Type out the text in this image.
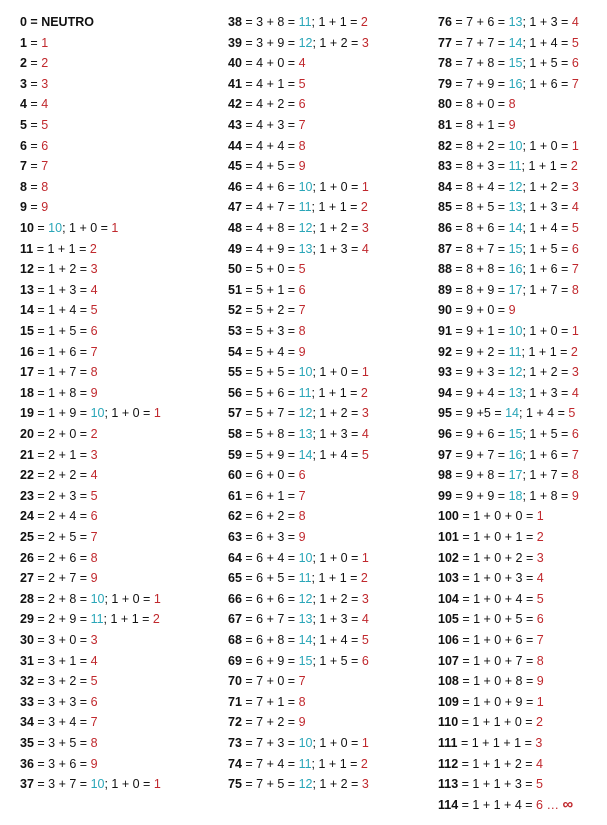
0 = NEUTRO
1 = 1
2 = 2
3 = 3
4 = 4
5 = 5
6 = 6
7 = 7
8 = 8
9 = 9
10 = 10; 1 + 0 = 1
11 = 1 + 1 = 2
12 = 1 + 2 = 3
13 = 1 + 3 = 4
14 = 1 + 4 = 5
15 = 1 + 5 = 6
16 = 1 + 6 = 7
17 = 1 + 7 = 8
18 = 1 + 8 = 9
19 = 1 + 9 = 10; 1 + 0 = 1
20 = 2 + 0 = 2
21 = 2 + 1 = 3
22 = 2 + 2 = 4
23 = 2 + 3 = 5
24 = 2 + 4 = 6
25 = 2 + 5 = 7
26 = 2 + 6 = 8
27 = 2 + 7 = 9
28 = 2 + 8 = 10; 1 + 0 = 1
29 = 2 + 9 = 11; 1 + 1 = 2
30 = 3 + 0 = 3
31 = 3 + 1 = 4
32 = 3 + 2 = 5
33 = 3 + 3 = 6
34 = 3 + 4 = 7
35 = 3 + 5 = 8
36 = 3 + 6 = 9
37 = 3 + 7 = 10; 1 + 0 = 1
38 = 3 + 8 = 11; 1 + 1 = 2
39 = 3 + 9 = 12; 1 + 2 = 3
40 = 4 + 0 = 4
41 = 4 + 1 = 5
42 = 4 + 2 = 6
43 = 4 + 3 = 7
44 = 4 + 4 = 8
45 = 4 + 5 = 9
46 = 4 + 6 = 10; 1 + 0 = 1
47 = 4 + 7 = 11; 1 + 1 = 2
48 = 4 + 8 = 12; 1 + 2 = 3
49 = 4 + 9 = 13; 1 + 3 = 4
50 = 5 + 0 = 5
51 = 5 + 1 = 6
52 = 5 + 2 = 7
53 = 5 + 3 = 8
54 = 5 + 4 = 9
55 = 5 + 5 = 10; 1 + 0 = 1
56 = 5 + 6 = 11; 1 + 1 = 2
57 = 5 + 7 = 12; 1 + 2 = 3
58 = 5 + 8 = 13; 1 + 3 = 4
59 = 5 + 9 = 14; 1 + 4 = 5
60 = 6 + 0 = 6
61 = 6 + 1 = 7
62 = 6 + 2 = 8
63 = 6 + 3 = 9
64 = 6 + 4 = 10; 1 + 0 = 1
65 = 6 + 5 = 11; 1 + 1 = 2
66 = 6 + 6 = 12; 1 + 2 = 3
67 = 6 + 7 = 13; 1 + 3 = 4
68 = 6 + 8 = 14; 1 + 4 = 5
69 = 6 + 9 = 15; 1 + 5 = 6
70 = 7 + 0 = 7
71 = 7 + 1 = 8
72 = 7 + 2 = 9
73 = 7 + 3 = 10; 1 + 0 = 1
74 = 7 + 4 = 11; 1 + 1 = 2
75 = 7 + 5 = 12; 1 + 2 = 3
76 = 7 + 6 = 13; 1 + 3 = 4
77 = 7 + 7 = 14; 1 + 4 = 5
78 = 7 + 8 = 15; 1 + 5 = 6
79 = 7 + 9 = 16; 1 + 6 = 7
80 = 8 + 0 = 8
81 = 8 + 1 = 9
82 = 8 + 2 = 10; 1 + 0 = 1
83 = 8 + 3 = 11; 1 + 1 = 2
84 = 8 + 4 = 12; 1 + 2 = 3
85 = 8 + 5 = 13; 1 + 3 = 4
86 = 8 + 6 = 14; 1 + 4 = 5
87 = 8 + 7 = 15; 1 + 5 = 6
88 = 8 + 8 = 16; 1 + 6 = 7
89 = 8 + 9 = 17; 1 + 7 = 8
90 = 9 + 0 = 9
91 = 9 + 1 = 10; 1 + 0 = 1
92 = 9 + 2 = 11; 1 + 1 = 2
93 = 9 + 3 = 12; 1 + 2 = 3
94 = 9 + 4 = 13; 1 + 3 = 4
95 = 9 +5 = 14; 1 + 4 = 5
96 = 9 + 6 = 15; 1 + 5 = 6
97 = 9 + 7 = 16; 1 + 6 = 7
98 = 9 + 8 = 17; 1 + 7 = 8
99 = 9 + 9 = 18; 1 + 8 = 9
100 = 1 + 0 + 0 = 1
101 = 1 + 0 + 1 = 2
102 = 1 + 0 + 2 = 3
103 = 1 + 0 + 3 = 4
104 = 1 + 0 + 4 = 5
105 = 1 + 0 + 5 = 6
106 = 1 + 0 + 6 = 7
107 = 1 + 0 + 7 = 8
108 = 1 + 0 + 8 = 9
109 = 1 + 0 + 9 = 1
110 = 1 + 1 + 0 = 2
111 = 1 + 1 + 1 = 3
112 = 1 + 1 + 2 = 4
113 = 1 + 1 + 3 = 5
114 = 1 + 1 + 4 = 6 … ∞
